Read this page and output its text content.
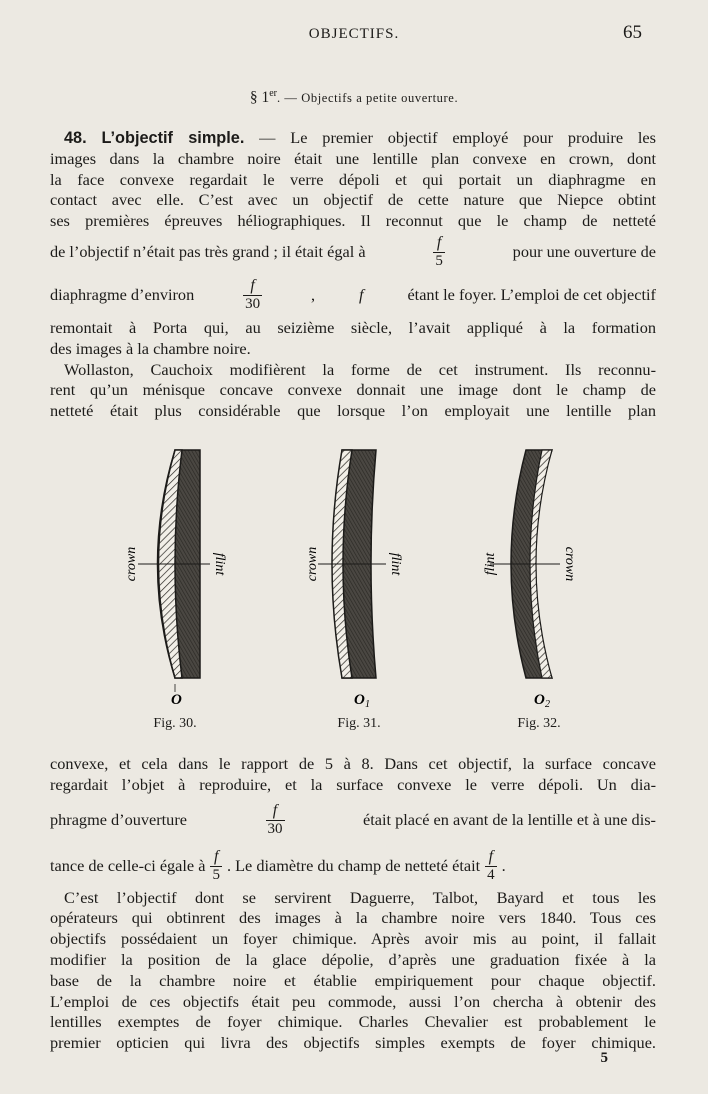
OBJECTIFS.	65
§ 1er. — Objectifs a petite ouverture.
48. L’objectif simple. — Le premier objectif employé pour produire les
images dans la chambre noire était une lentille plan convexe en crown, dont
la face convexe regardait le verre dépoli et qui portait un diaphragme en
contact avec elle. C’est avec un objectif de cette nature que Niepce obtint
ses premières épreuves héliographiques. Il reconnut que le champ de netteté
de l’objectif n’était pas très grand ; il était égal à	$\frac{f}{5}$	pour une ouverture de
diaphragme d’environ	$\frac{f}{30}$	,	f	étant le foyer. L’emploi de cet objectif
remontait à Porta qui, au seizième siècle, l’avait appliqué à la formation
des images à la chambre noire.
Wollaston, Cauchoix modifièrent la forme de cet instrument. Ils reconnu-
rent qu’un ménisque concave convexe donnait une image dont le champ de
netteté était plus considérable que lorsque l’on employait une lentille plan
crown	flint	crown	flint	flint	crown
O	O 1	O 2
Fig. 30.	Fig. 31.	Fig. 32.
convexe, et cela dans le rapport de 5 à 8. Dans cet objectif, la surface concave
regardait l’objet à reproduire, et la surface convexe le verre dépoli. Un dia-
phragme d’ouverture	$\frac{f}{30}$	était placé en avant de la lentille et à une dis-
tance de celle-ci égale à $\frac{f}{5}$ . Le diamètre du champ de netteté était $\frac{f}{4}$ .
C’est l’objectif dont se servirent Daguerre, Talbot, Bayard et tous les
opérateurs qui obtinrent des images à la chambre noire vers 1840. Tous ces
objectifs possédaient un foyer chimique. Après avoir mis au point, il fallait
modifier la position de la glace dépolie, d’après une graduation fixée à la
base de la chambre noire et établie empiriquement pour chaque objectif.
L’emploi de ces objectifs était peu commode, aussi l’on chercha à obtenir des
lentilles exemptes de foyer chimique. Charles Chevalier est probablement le
premier opticien qui livra des objectifs simples exempts de foyer chimique.
5
